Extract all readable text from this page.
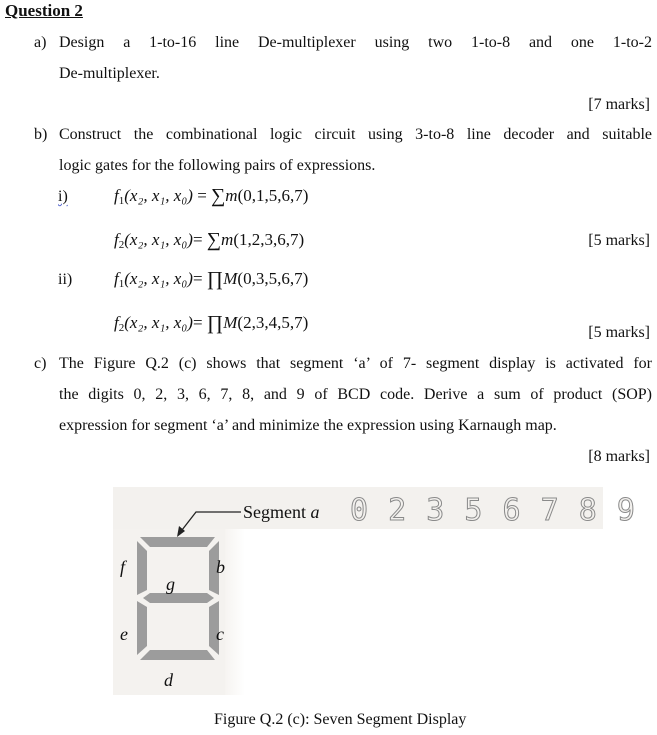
Question 2
a) Design a 1-to-16 line De-multiplexer using two 1-to-8 and one 1-to-2
De-multiplexer.
[7 marks]
b) Construct the combinational logic circuit using 3-to-8 line decoder and suitable
logic gates for the following pairs of expressions.
i)	$f_1(x_2$, x₁, x₀) = ∑m(0,1,5,6,7)
$f_2(x_2$, x₁, x₀)= ∑m(1,2,3,6,7)	[5 marks]
ii) $f_1(x_2$, x₁, x₀)= ∏M(0,3,5,6,7)
$f_2(x_2$, x₁, x₀)= ∏M(2,3,4,5,7)
[5 marks]
c) The Figure Q.2 (c) shows that segment ‘a’ of 7- segment display is activated for
the digits 0, 2, 3, 6, 7, 8, and 9 of BCD code. Derive a sum of product (SOP)
expression for segment ‘a’ and minimize the expression using Karnaugh map.
[8 marks]
Segment a 0 2 3 5 6 7 8 9
f	b
g
e	c
d
Figure Q.2 (c): Seven Segment Display
